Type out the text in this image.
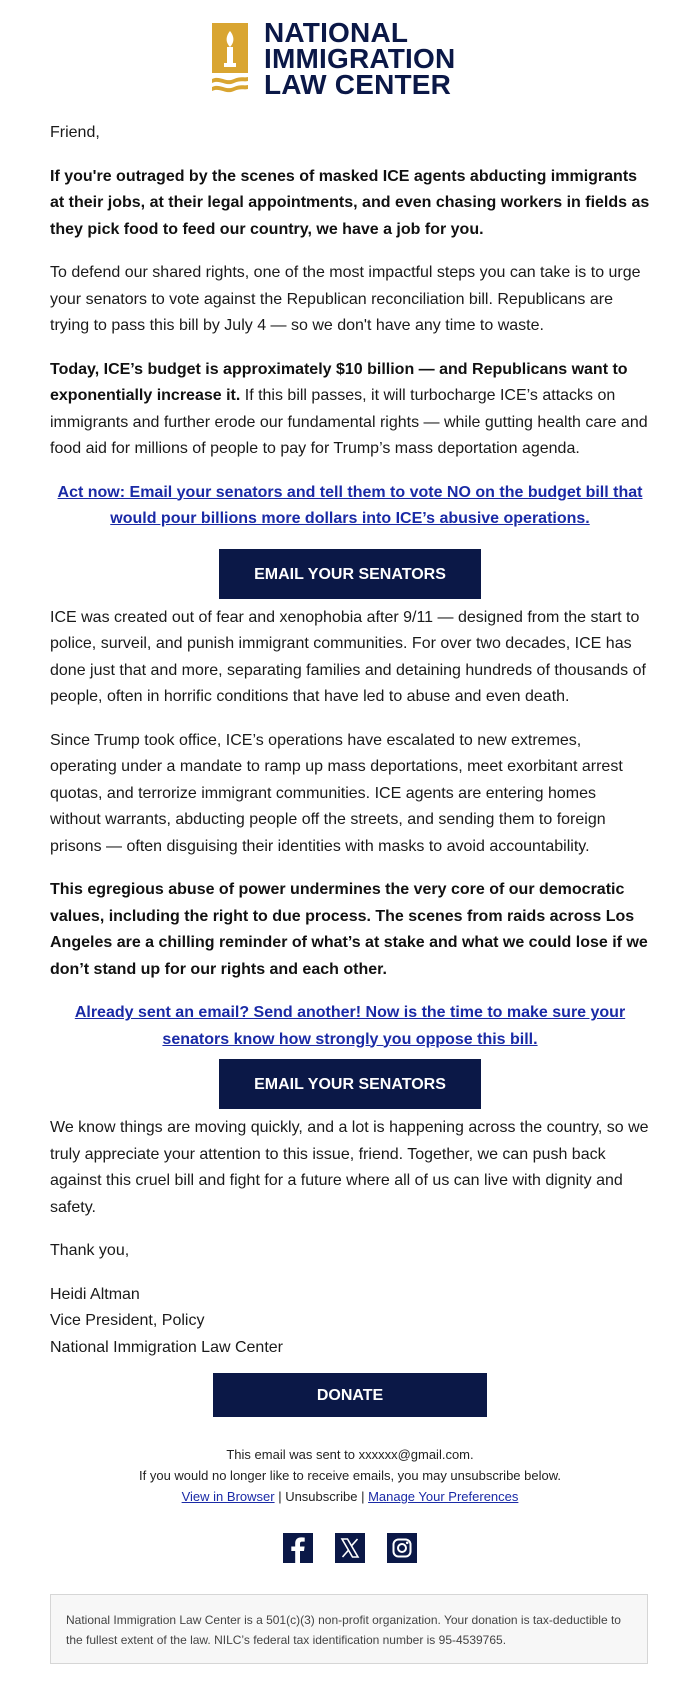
NATIONAL
IMMIGRATION
LAW CENTER

Friend,

If you're outraged by the scenes of masked ICE agents abducting immigrants at their jobs, at their legal appointments, and even chasing workers in fields as they pick food to feed our country, we have a job for you.

To defend our shared rights, one of the most impactful steps you can take is to urge your senators to vote against the Republican reconciliation bill. Republicans are trying to pass this bill by July 4 — so we don't have any time to waste.

Today, ICE’s budget is approximately $10 billion — and Republicans want to exponentially increase it. If this bill passes, it will turbocharge ICE’s attacks on immigrants and further erode our fundamental rights — while gutting health care and food aid for millions of people to pay for Trump’s mass deportation agenda.

Act now: Email your senators and tell them to vote NO on the budget bill that would pour billions more dollars into ICE’s abusive operations.
EMAIL YOUR SENATORS

ICE was created out of fear and xenophobia after 9/11 — designed from the start to police, surveil, and punish immigrant communities. For over two decades, ICE has done just that and more, separating families and detaining hundreds of thousands of people, often in horrific conditions that have led to abuse and even death.

Since Trump took office, ICE’s operations have escalated to new extremes, operating under a mandate to ramp up mass deportations, meet exorbitant arrest quotas, and terrorize immigrant communities. ICE agents are entering homes without warrants, abducting people off the streets, and sending them to foreign prisons — often disguising their identities with masks to avoid accountability.

This egregious abuse of power undermines the very core of our democratic values, including the right to due process. The scenes from raids across Los Angeles are a chilling reminder of what’s at stake and what we could lose if we don’t stand up for our rights and each other.

Already sent an email? Send another! Now is the time to make sure your senators know how strongly you oppose this bill.
EMAIL YOUR SENATORS

We know things are moving quickly, and a lot is happening across the country, so we truly appreciate your attention to this issue, friend. Together, we can push back against this cruel bill and fight for a future where all of us can live with dignity and safety.

Thank you,

Heidi Altman

Vice President, Policy

National Immigration Law Center

DONATE

This email was sent to xxxxxx@gmail.com.

If you would no longer like to receive emails, you may unsubscribe below.

View in Browser | Unsubscribe | Manage Your Preferences

National Immigration Law Center is a 501(c)(3) non-profit organization. Your donation is tax-deductible to the fullest extent of the law. NILC’s federal tax identification number is 95-4539765.
